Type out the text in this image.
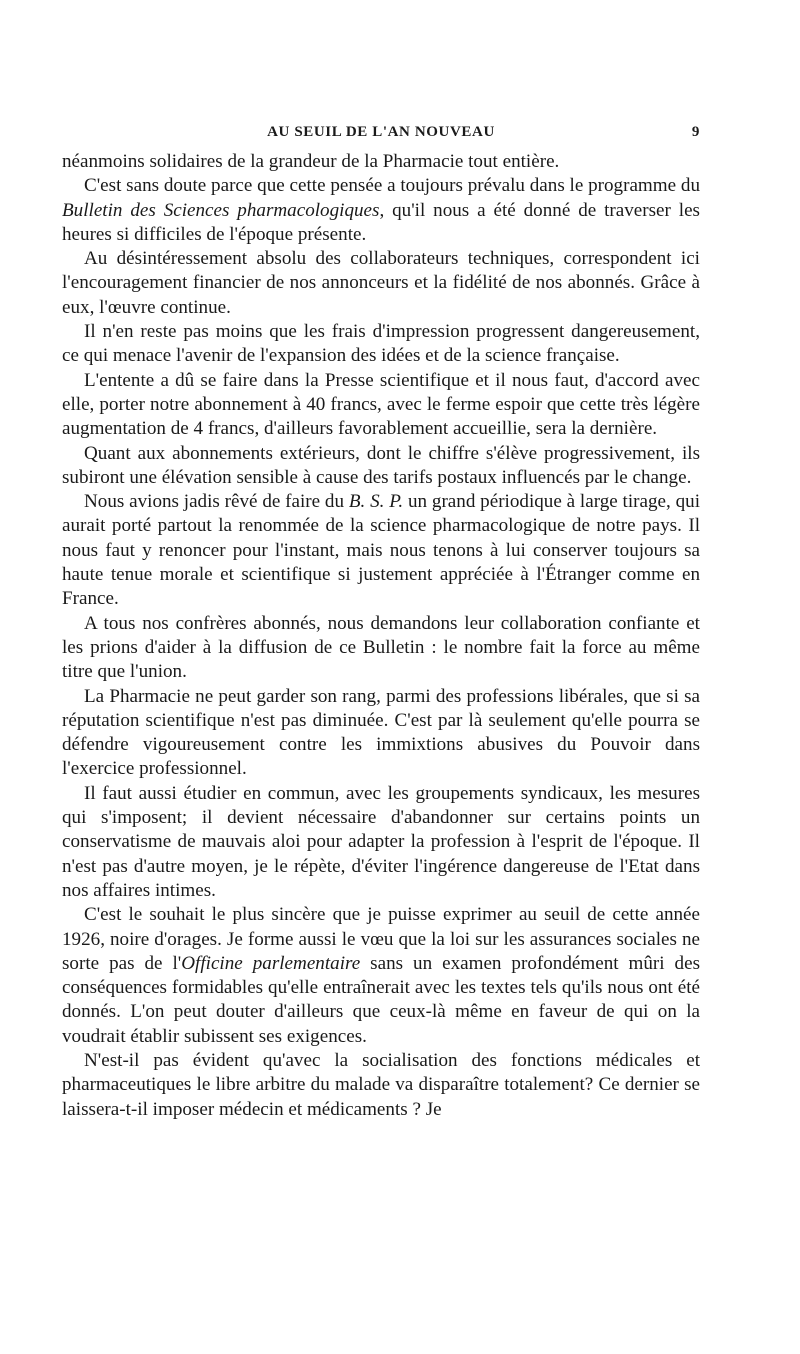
AU SEUIL DE L'AN NOUVEAU	9

néanmoins solidaires de la grandeur de la Pharmacie tout entière.

C'est sans doute parce que cette pensée a toujours prévalu dans le programme du Bulletin des Sciences pharmacologiques, qu'il nous a été donné de traverser les heures si difficiles de l'époque présente.

Au désintéressement absolu des collaborateurs techniques, correspondent ici l'encouragement financier de nos annonceurs et la fidélité de nos abonnés. Grâce à eux, l'œuvre continue.

Il n'en reste pas moins que les frais d'impression progressent dangereusement, ce qui menace l'avenir de l'expansion des idées et de la science française.

L'entente a dû se faire dans la Presse scientifique et il nous faut, d'accord avec elle, porter notre abonnement à 40 francs, avec le ferme espoir que cette très légère augmentation de 4 francs, d'ailleurs favorablement accueillie, sera la dernière.

Quant aux abonnements extérieurs, dont le chiffre s'élève progressivement, ils subiront une élévation sensible à cause des tarifs postaux influencés par le change.

Nous avions jadis rêvé de faire du B. S. P. un grand périodique à large tirage, qui aurait porté partout la renommée de la science pharmacologique de notre pays. Il nous faut y renoncer pour l'instant, mais nous tenons à lui conserver toujours sa haute tenue morale et scientifique si justement appréciée à l'Étranger comme en France.

A tous nos confrères abonnés, nous demandons leur collaboration confiante et les prions d'aider à la diffusion de ce Bulletin : le nombre fait la force au même titre que l'union.

La Pharmacie ne peut garder son rang, parmi des professions libérales, que si sa réputation scientifique n'est pas diminuée. C'est par là seulement qu'elle pourra se défendre vigoureusement contre les immixtions abusives du Pouvoir dans l'exercice professionnel.

Il faut aussi étudier en commun, avec les groupements syndicaux, les mesures qui s'imposent; il devient nécessaire d'abandonner sur certains points un conservatisme de mauvais aloi pour adapter la profession à l'esprit de l'époque. Il n'est pas d'autre moyen, je le répète, d'éviter l'ingérence dangereuse de l'Etat dans nos affaires intimes.

C'est le souhait le plus sincère que je puisse exprimer au seuil de cette année 1926, noire d'orages. Je forme aussi le vœu que la loi sur les assurances sociales ne sorte pas de l'Officine parlementaire sans un examen profondément mûri des conséquences formidables qu'elle entraînerait avec les textes tels qu'ils nous ont été donnés. L'on peut douter d'ailleurs que ceux-là même en faveur de qui on la voudrait établir subissent ses exigences.

N'est-il pas évident qu'avec la socialisation des fonctions médicales et pharmaceutiques le libre arbitre du malade va disparaître totalement? Ce dernier se laissera-t-il imposer médecin et médicaments ? Je
